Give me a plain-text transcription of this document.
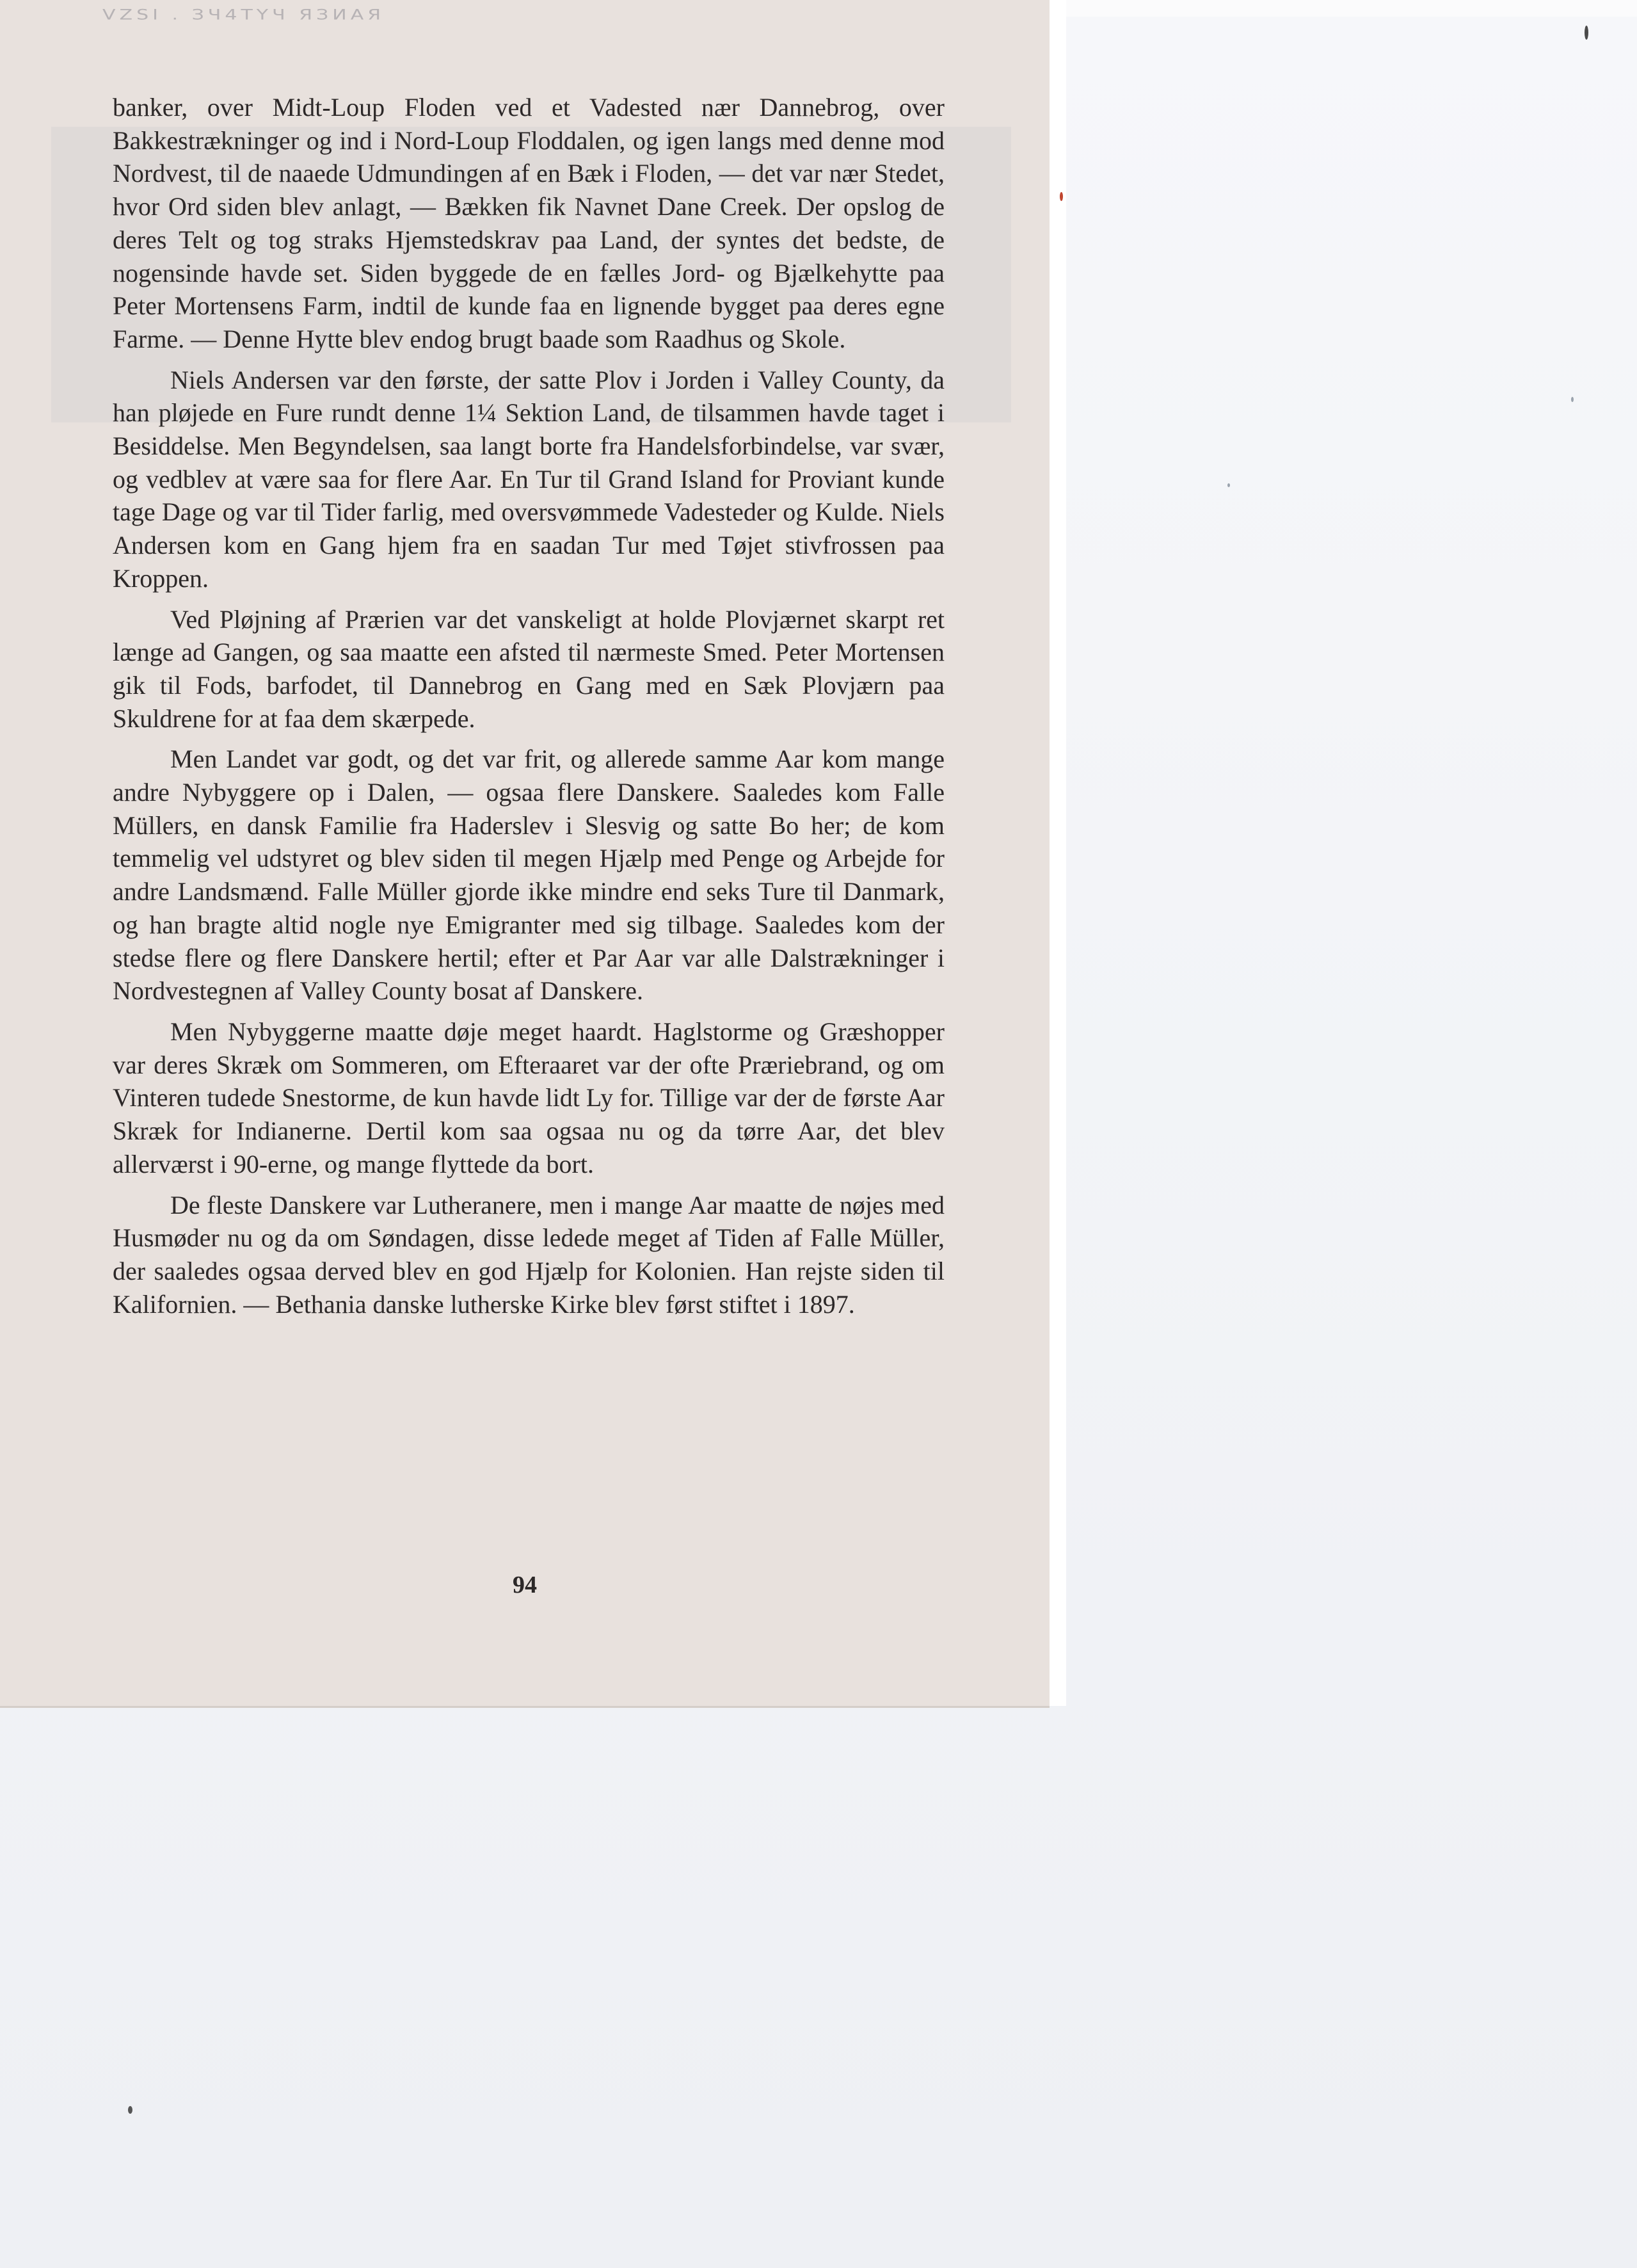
VZSI . ЗЧ4ТҮЧ ЯЗИАЯ

banker, over Midt-Loup Floden ved et Vadested nær Dannebrog, over Bakkestrækninger og ind i Nord-Loup Floddalen, og igen langs med denne mod Nordvest, til de naaede Udmundingen af en Bæk i Floden, — det var nær Stedet, hvor Ord siden blev anlagt, — Bækken fik Navnet Dane Creek. Der opslog de deres Telt og tog straks Hjemstedskrav paa Land, der syntes det bedste, de nogensinde havde set. Siden byggede de en fælles Jord- og Bjælkehytte paa Peter Mortensens Farm, indtil de kunde faa en lignende bygget paa deres egne Farme. — Denne Hytte blev endog brugt baade som Raadhus og Skole.

Niels Andersen var den første, der satte Plov i Jorden i Valley County, da han pløjede en Fure rundt denne 1¼ Sektion Land, de tilsammen havde taget i Besiddelse. Men Begyndelsen, saa langt borte fra Handelsforbindelse, var svær, og vedblev at være saa for flere Aar. En Tur til Grand Island for Proviant kunde tage Dage og var til Tider farlig, med oversvømmede Vadesteder og Kulde. Niels Andersen kom en Gang hjem fra en saadan Tur med Tøjet stivfrossen paa Kroppen.

Ved Pløjning af Prærien var det vanskeligt at holde Plovjærnet skarpt ret længe ad Gangen, og saa maatte een afsted til nærmeste Smed. Peter Mortensen gik til Fods, barfodet, til Dannebrog en Gang med en Sæk Plovjærn paa Skuldrene for at faa dem skærpede.

Men Landet var godt, og det var frit, og allerede samme Aar kom mange andre Nybyggere op i Dalen, — ogsaa flere Danskere. Saaledes kom Falle Müllers, en dansk Familie fra Haderslev i Slesvig og satte Bo her; de kom temmelig vel udstyret og blev siden til megen Hjælp med Penge og Arbejde for andre Landsmænd. Falle Müller gjorde ikke mindre end seks Ture til Danmark, og han bragte altid nogle nye Emigranter med sig tilbage. Saaledes kom der stedse flere og flere Danskere hertil; efter et Par Aar var alle Dalstrækninger i Nordvestegnen af Valley County bosat af Danskere.

Men Nybyggerne maatte døje meget haardt. Haglstorme og Græshopper var deres Skræk om Sommeren, om Efteraaret var der ofte Præriebrand, og om Vinteren tudede Snestorme, de kun havde lidt Ly for. Tillige var der de første Aar Skræk for Indianerne. Dertil kom saa ogsaa nu og da tørre Aar, det blev allerværst i 90-erne, og mange flyttede da bort.

De fleste Danskere var Lutheranere, men i mange Aar maatte de nøjes med Husmøder nu og da om Søndagen, disse ledede meget af Tiden af Falle Müller, der saaledes ogsaa derved blev en god Hjælp for Kolonien. Han rejste siden til Kalifornien. — Bethania danske lutherske Kirke blev først stiftet i 1897.

94
